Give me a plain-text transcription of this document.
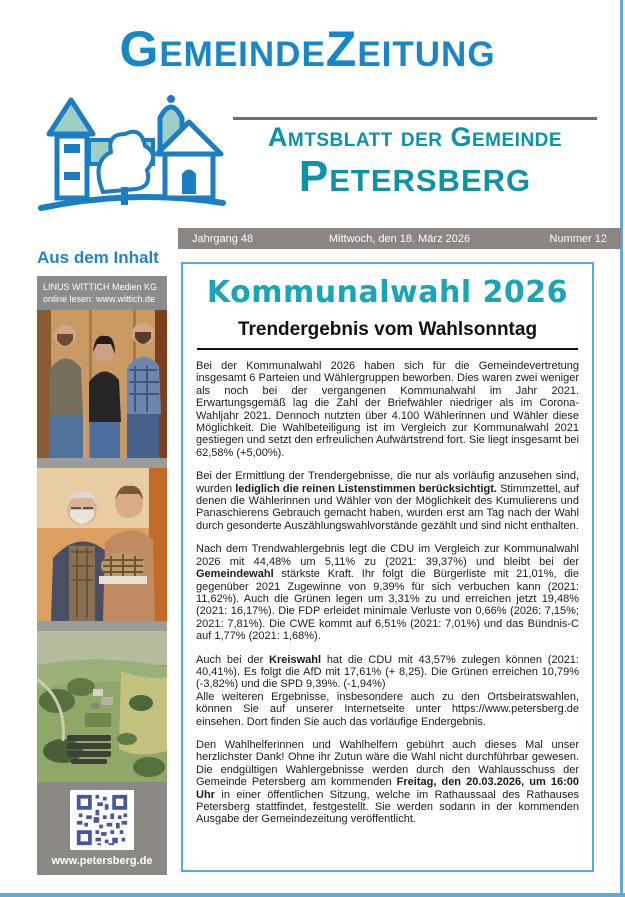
GemeindeZeitung
Amtsblatt der Gemeinde
Petersberg
Jahrgang 48	Mittwoch, den 18. März 2026	Nummer 12
Aus dem Inhalt
LINUS WITTICH Medien KG
online lesen: www.wittich.de
www.petersberg.de
Kommunalwahl 2026
Trendergebnis vom Wahlsonntag

Bei der Kommunalwahl 2026 haben sich für die Gemeindevertretung insgesamt 6 Parteien und Wählergruppen beworben. Dies waren zwei weniger als noch bei der vergangenen Kommunalwahl im Jahr 2021. Erwartungsgemäß lag die Zahl der Briefwähler niedriger als im Corona-Wahljahr 2021. Dennoch nutzten über 4.100 Wählerinnen und Wähler diese Möglichkeit. Die Wahlbeteiligung ist im Vergleich zur Kommunalwahl 2021 gestiegen und setzt den erfreulichen Aufwärtstrend fort. Sie liegt insgesamt bei 62,58% (+5,00%).

Bei der Ermittlung der Trendergebnisse, die nur als vorläufig anzusehen sind, wurden lediglich die reinen Listenstimmen berücksichtigt. Stimmzettel, auf denen die Wählerinnen und Wähler von der Möglichkeit des Kumulierens und Panaschierens Gebrauch gemacht haben, wurden erst am Tag nach der Wahl durch gesonderte Auszählungswahlvorstände gezählt und sind nicht enthalten.

Nach dem Trendwahlergebnis legt die CDU im Vergleich zur Kommunalwahl 2026 mit 44,48% um 5,11% zu (2021: 39,37%) und bleibt bei der Gemeindewahl stärkste Kraft. Ihr folgt die Bürgerliste mit 21,01%, die gegenüber 2021 Zugewinne von 9,39% für sich verbuchen kann (2021: 11,62%). Auch die Grünen legen um 3,31% zu und erreichen jetzt 19,48% (2021: 16,17%). Die FDP erleidet minimale Verluste von 0,66% (2026: 7,15%; 2021: 7,81%). Die CWE kommt auf 6,51% (2021: 7,01%) und das Bündnis-C auf 1,77% (2021: 1,68%).

Auch bei der Kreiswahl hat die CDU mit 43,57% zulegen können (2021: 40,41%). Es folgt die AfD mit 17,61% (+ 8,25). Die Grünen erreichen 10,79% (-3,82%) und die SPD 9,39%. (-1,94%)
Alle weiteren Ergebnisse, insbesondere auch zu den Ortsbeiratswahlen, können Sie auf unserer Internetseite unter https://www.petersberg.de einsehen. Dort finden Sie auch das vorläufige Endergebnis.

Den Wahlhelferinnen und Wahlhelfern gebührt auch dieses Mal unser herzlichster Dank! Ohne ihr Zutun wäre die Wahl nicht durchführbar gewesen. Die endgültigen Wahlergebnisse werden durch den Wahlausschuss der Gemeinde Petersberg am kommenden Freitag, den 20.03.2026, um 16:00 Uhr in einer öffentlichen Sitzung, welche im Rathaussaal des Rathauses Petersberg stattfindet, festgestellt. Sie werden sodann in der kommenden Ausgabe der Gemeindezeitung veröffentlicht.
